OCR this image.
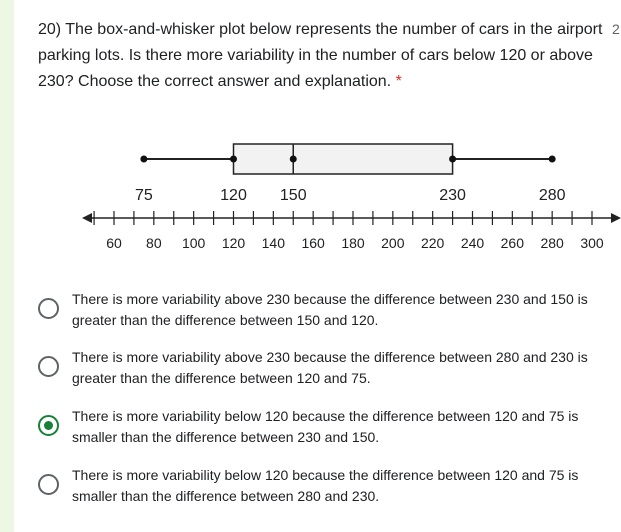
20) The box-and-whisker plot below represents the number of cars in the airport parking lots. Is there more variability in the number of cars below 120 or above 230? Choose the correct answer and explanation. *
2
75	120 150	230	280
60 80 100 120 140 160 180 200 220 240 260 280 300
There is more variability above 230 because the difference between 230 and 150 is
greater than the difference between 150 and 120.
There is more variability above 230 because the difference between 280 and 230 is
greater than the difference between 120 and 75.
There is more variability below 120 because the difference between 120 and 75 is
smaller than the difference between 230 and 150.
There is more variability below 120 because the difference between 120 and 75 is
smaller than the difference between 280 and 230.
